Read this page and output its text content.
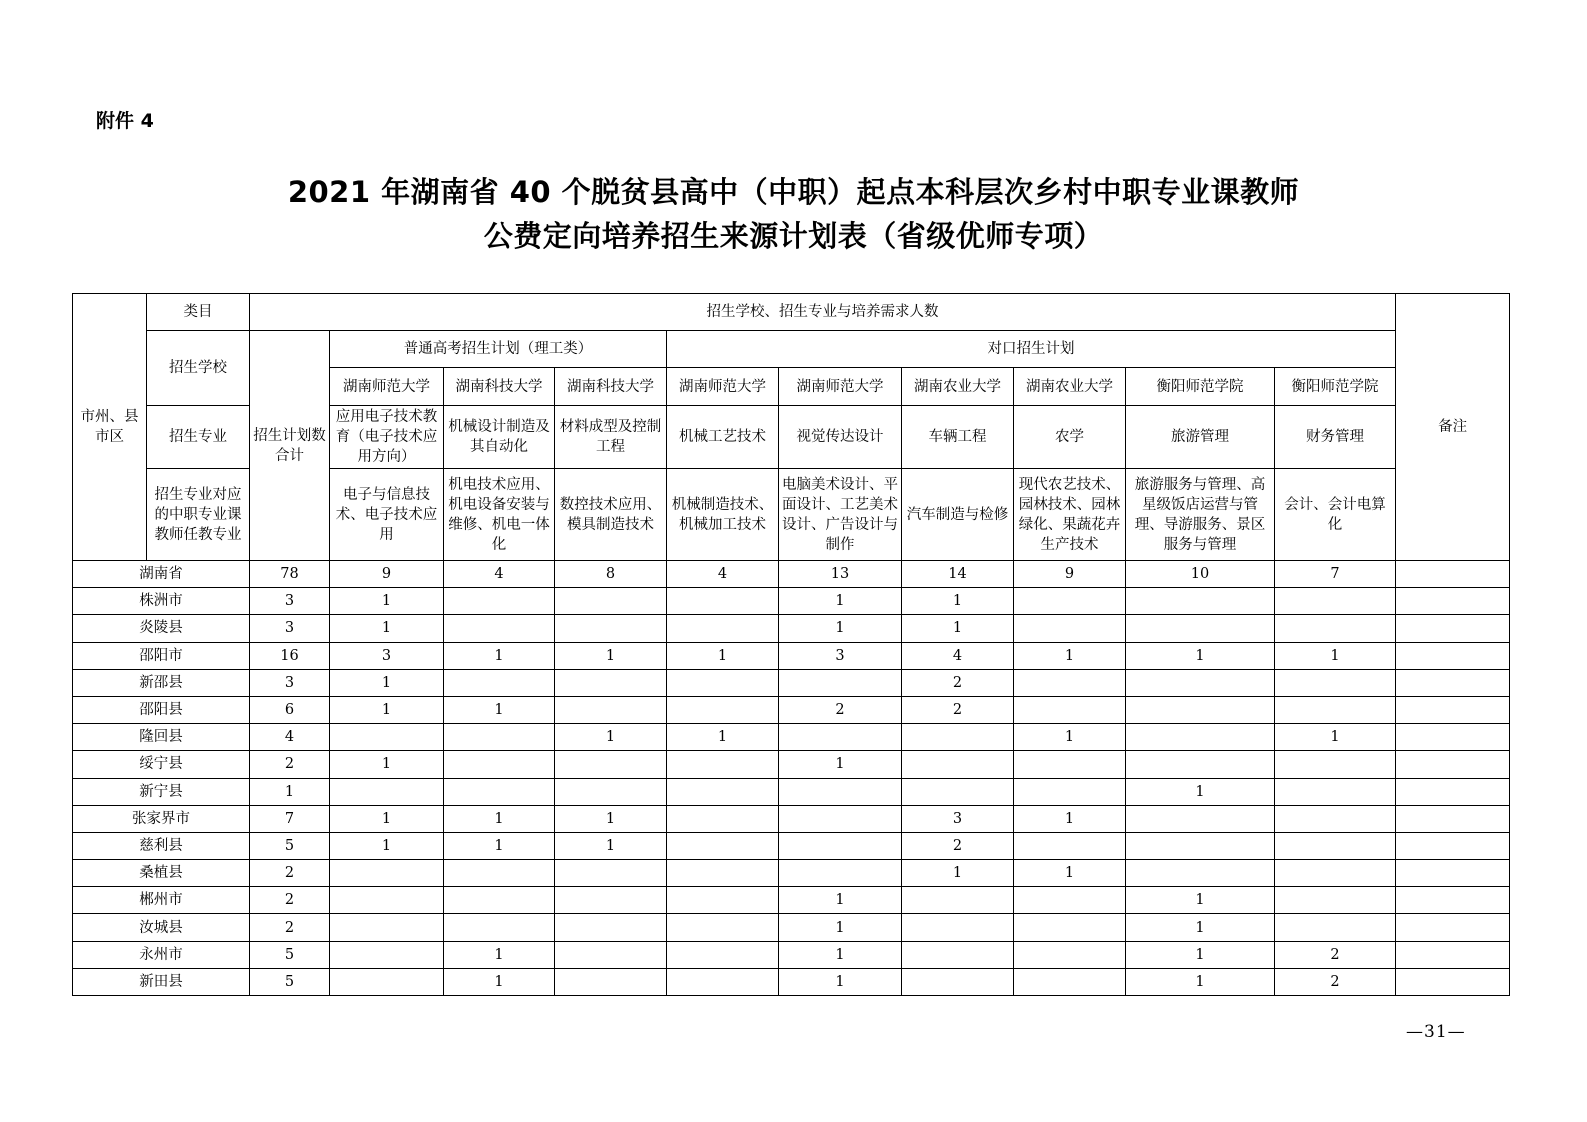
附件 4
2021 年湖南省 40 个脱贫县高中（中职）起点本科层次乡村中职专业课教师
公费定向培养招生来源计划表（省级优师专项）
市州、县市区	类目	招生学校、招生专业与培养需求人数										备注
	招生学校	招生计划数合计	普通高考招生计划（理工类）			对口招生计划						
			湖南师范大学	湖南科技大学	湖南科技大学	湖南师范大学	湖南师范大学	湖南农业大学	湖南农业大学	衡阳师范学院	衡阳师范学院	
	招生专业		应用电子技术教育（电子技术应用方向）	机械设计制造及其自动化	材料成型及控制工程	机械工艺技术	视觉传达设计	车辆工程	农学	旅游管理	财务管理	
	招生专业对应的中职专业课教师任教专业		电子与信息技术、电子技术应用	机电技术应用、机电设备安装与维修、机电一体化	数控技术应用、模具制造技术	机械制造技术、机械加工技术	电脑美术设计、平面设计、工艺美术设计、广告设计与制作	汽车制造与检修	现代农艺技术、园林技术、园林绿化、果蔬花卉生产技术	旅游服务与管理、高星级饭店运营与管理、导游服务、景区服务与管理	会计、会计电算化	
湖南省		78	9	4	8	4	13	14	9	10	7	
株洲市		3	1				1	1				
炎陵县		3	1				1	1				
邵阳市		16	3	1	1	1	3	4	1	1	1	
新邵县		3	1					2				
邵阳县		6	1	1			2	2				
隆回县		4			1	1			1		1	
绥宁县		2	1				1					
新宁县		1								1		
张家界市		7	1	1	1			3	1			
慈利县		5	1	1	1			2				
桑植县		2						1	1			
郴州市		2					1			1		
汝城县		2					1			1		
永州市		5		1			1			1	2	
新田县		5		1			1			1	2	
—31—
